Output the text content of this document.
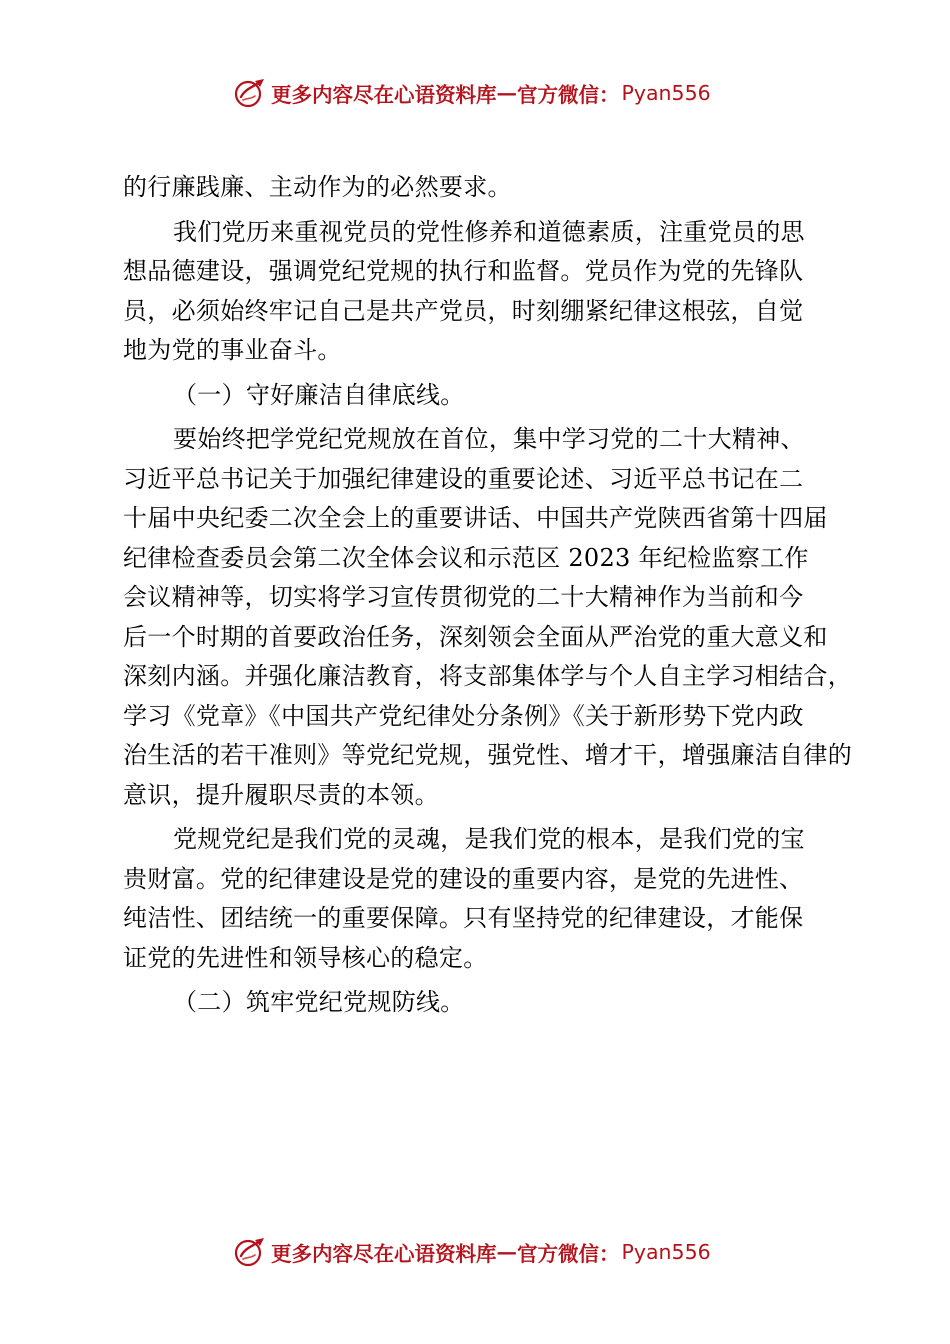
更多内容尽在心语资料库 — 官方微信： Pyan556
的行廉践廉、主动作为的必然要求。
我们党历来重视党员的党性修养和道德素质，注重党员的思
想品德建设，强调党纪党规的执行和监督。党员作为党的先锋队
员，必须始终牢记自己是共产党员，时刻绷紧纪律这根弦，自觉
地为党的事业奋斗。
（一）守好廉洁自律底线。
要始终把学党纪党规放在首位，集中学习党的二十大精神、
习近平总书记关于加强纪律建设的重要论述、习近平总书记在二
十届中央纪委二次全会上的重要讲话、中国共产党陕西省第十四届
纪律检查委员会第二次全体会议和示范区 2023 年纪检监察工作
会议精神等，切实将学习宣传贯彻党的二十大精神作为当前和今
后一个时期的首要政治任务，深刻领会全面从严治党的重大意义和
深刻内涵。并强化廉洁教育，将支部集体学与个人自主学习相结合，
学习《党章》《中国共产党纪律处分条例》《关于新形势下党内政
治生活的若干准则》等党纪党规，强党性、增才干，增强廉洁自律的
意识，提升履职尽责的本领。
党规党纪是我们党的灵魂，是我们党的根本，是我们党的宝
贵财富。党的纪律建设是党的建设的重要内容，是党的先进性、
纯洁性、团结统一的重要保障。只有坚持党的纪律建设，才能保
证党的先进性和领导核心的稳定。
（二）筑牢党纪党规防线。
更多内容尽在心语资料库 — 官方微信： Pyan556
